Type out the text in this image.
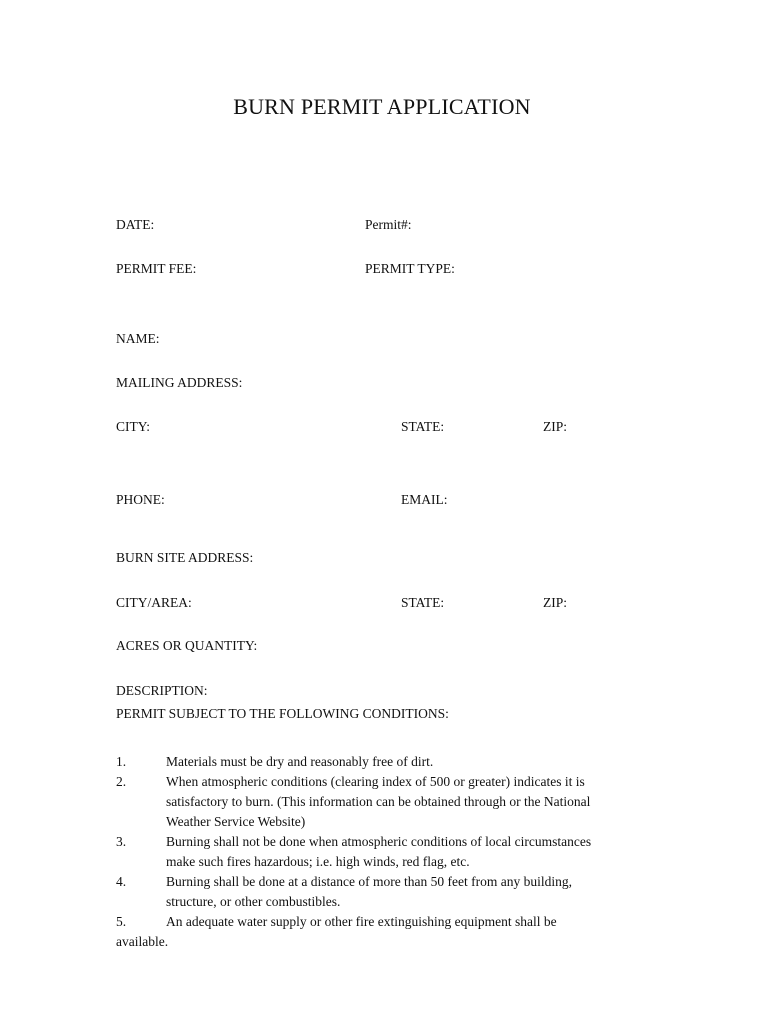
BURN PERMIT APPLICATION
DATE:	Permit#:
PERMIT FEE:	PERMIT TYPE:
NAME:
MAILING ADDRESS:
CITY:	STATE:	ZIP:
PHONE:	EMAIL:
BURN SITE ADDRESS:
CITY/AREA:	STATE:	ZIP:
ACRES OR QUANTITY:
DESCRIPTION:
PERMIT SUBJECT TO THE FOLLOWING CONDITIONS:
1.	Materials must be dry and reasonably free of dirt.
2.	When atmospheric conditions (clearing index of 500 or greater) indicates it is
satisfactory to burn. (This information can be obtained through or the National
Weather Service Website)
3.	Burning shall not be done when atmospheric conditions of local circumstances
make such fires hazardous; i.e. high winds, red flag, etc.
4.	Burning shall be done at a distance of more than 50 feet from any building,
structure, or other combustibles.
5.	An adequate water supply or other fire extinguishing equipment shall be
available.
